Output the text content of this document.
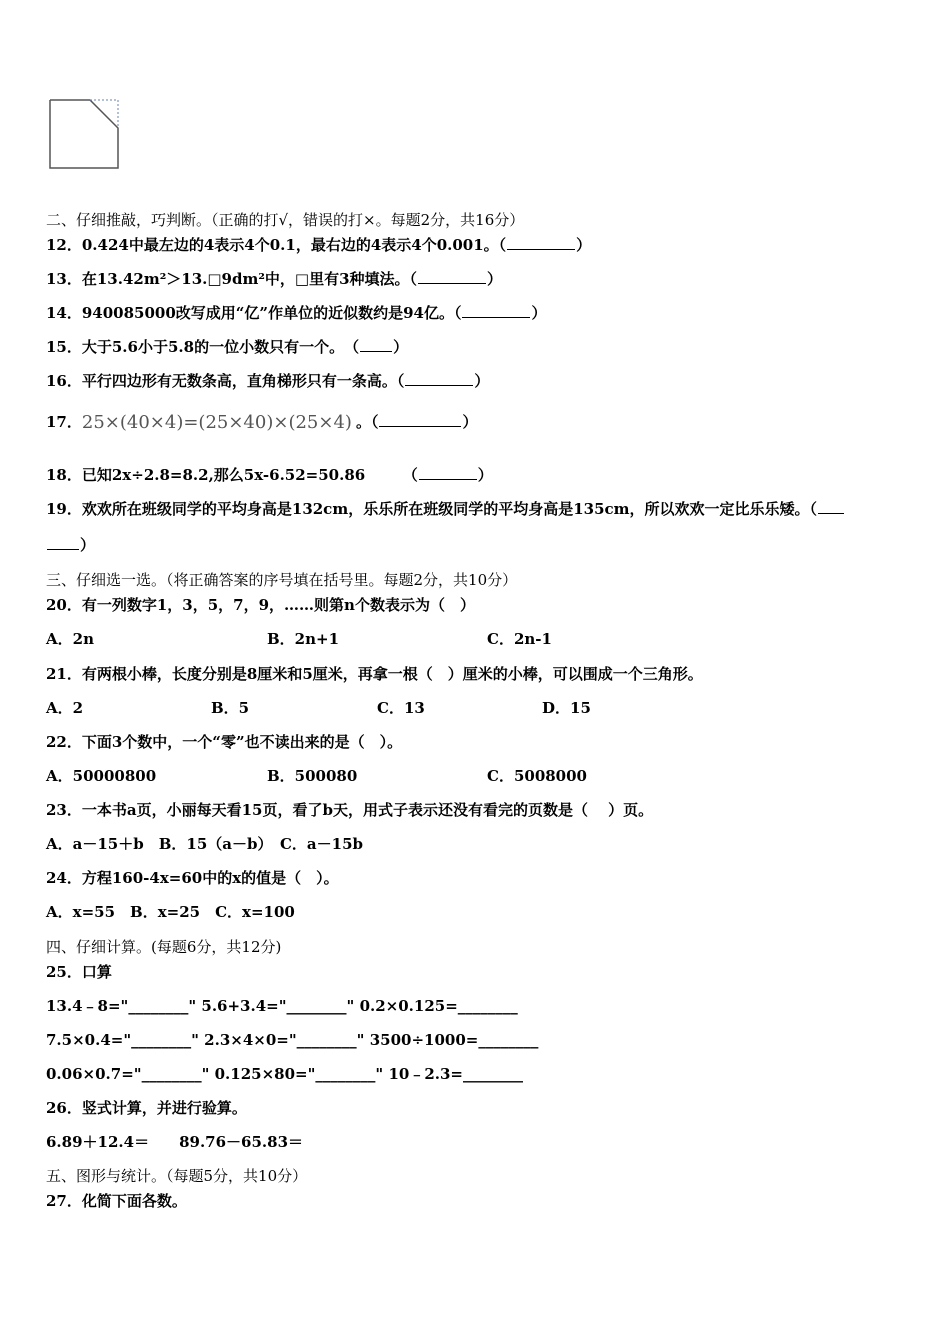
二、仔细推敲，巧判断。（正确的打√，错误的打×。每题2分，共16分）
12．0.424中最左边的4表示4个0.1，最右边的4表示4个0.001。（	）
13．在13.42m²＞13.□9dm²中，□里有3种填法。（	）
14．940085000改写成用“亿”作单位的近似数约是94亿。（	）
15．大于5.6小于5.8的一位小数只有一个。　（ ）
16．平行四边形有无数条高，直角梯形只有一条高。（	）
17．25×(40×4)=(25×40)×(25×4) 。（	）
18．已知2x÷2.8=8.2,那么5x-6.52=50.86　　　（	）
19．欢欢所在班级同学的平均身高是132cm，乐乐所在班级同学的平均身高是135cm，所以欢欢一定比乐乐矮。（
）
三、仔细选一选。（将正确答案的序号填在括号里。每题2分，共10分）
20．有一列数字1，3，5，7，9，……则第n个数表示为（　）
A．2n	B．2n+1	C．2n-1
21．有两根小棒，长度分别是8厘米和5厘米，再拿一根（　）厘米的小棒，可以围成一个三角形。
A．2	B．5	C．13	D．15
22．下面3个数中，一个“零”也不读出来的是（　）。
A．50000800	B．500080	C．5008000
23．一本书a页，小丽每天看15页，看了b天，用式子表示还没有看完的页数是（　 ）页。
A．a－15＋b　B．15（a－b）　C．a－15b
24．方程160-4x=60中的x的值是（　）。
A．x=55　B．x=25　C．x=100
四、仔细计算。(每题6分，共12分)
25．口算
13.4﹣8="________" 5.6+3.4="________" 0.2×0.125=________
7.5×0.4="________" 2.3×4×0="________" 3500÷1000=________
0.06×0.7="________" 0.125×80="________" 10﹣2.3=________
26．竖式计算，并进行验算。
6.89＋12.4＝　　89.76－65.83＝
五、图形与统计。（每题5分，共10分）
27．化简下面各数。
